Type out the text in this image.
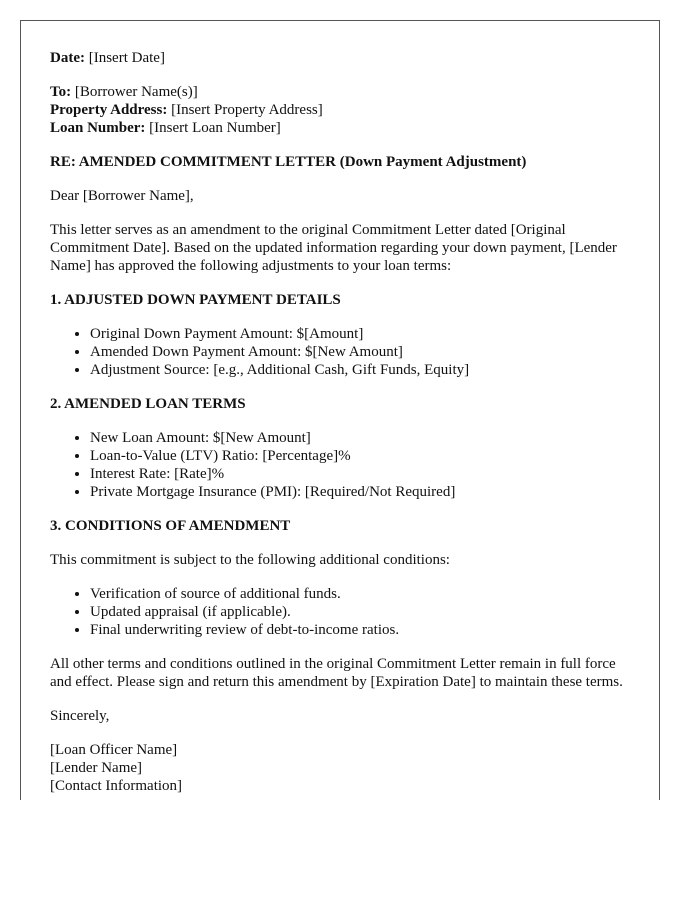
Date: [Insert Date]

To: [Borrower Name(s)]
Property Address: [Insert Property Address]
Loan Number: [Insert Loan Number]

RE: AMENDED COMMITMENT LETTER (Down Payment Adjustment)

Dear [Borrower Name],

This letter serves as an amendment to the original Commitment Letter dated [Original Commitment Date]. Based on the updated information regarding your down payment, [Lender Name] has approved the following adjustments to your loan terms:

1. ADJUSTED DOWN PAYMENT DETAILS
• Original Down Payment Amount: $[Amount]
• Amended Down Payment Amount: $[New Amount]
• Adjustment Source: [e.g., Additional Cash, Gift Funds, Equity]
2. AMENDED LOAN TERMS
• New Loan Amount: $[New Amount]
• Loan-to-Value (LTV) Ratio: [Percentage]%
• Interest Rate: [Rate]%
• Private Mortgage Insurance (PMI): [Required/Not Required]
3. CONDITIONS OF AMENDMENT

This commitment is subject to the following additional conditions:

• Verification of source of additional funds.
• Updated appraisal (if applicable).
• Final underwriting review of debt-to-income ratios.

All other terms and conditions outlined in the original Commitment Letter remain in full force and effect. Please sign and return this amendment by [Expiration Date] to maintain these terms.

Sincerely,

[Loan Officer Name]
[Lender Name]
[Contact Information]
